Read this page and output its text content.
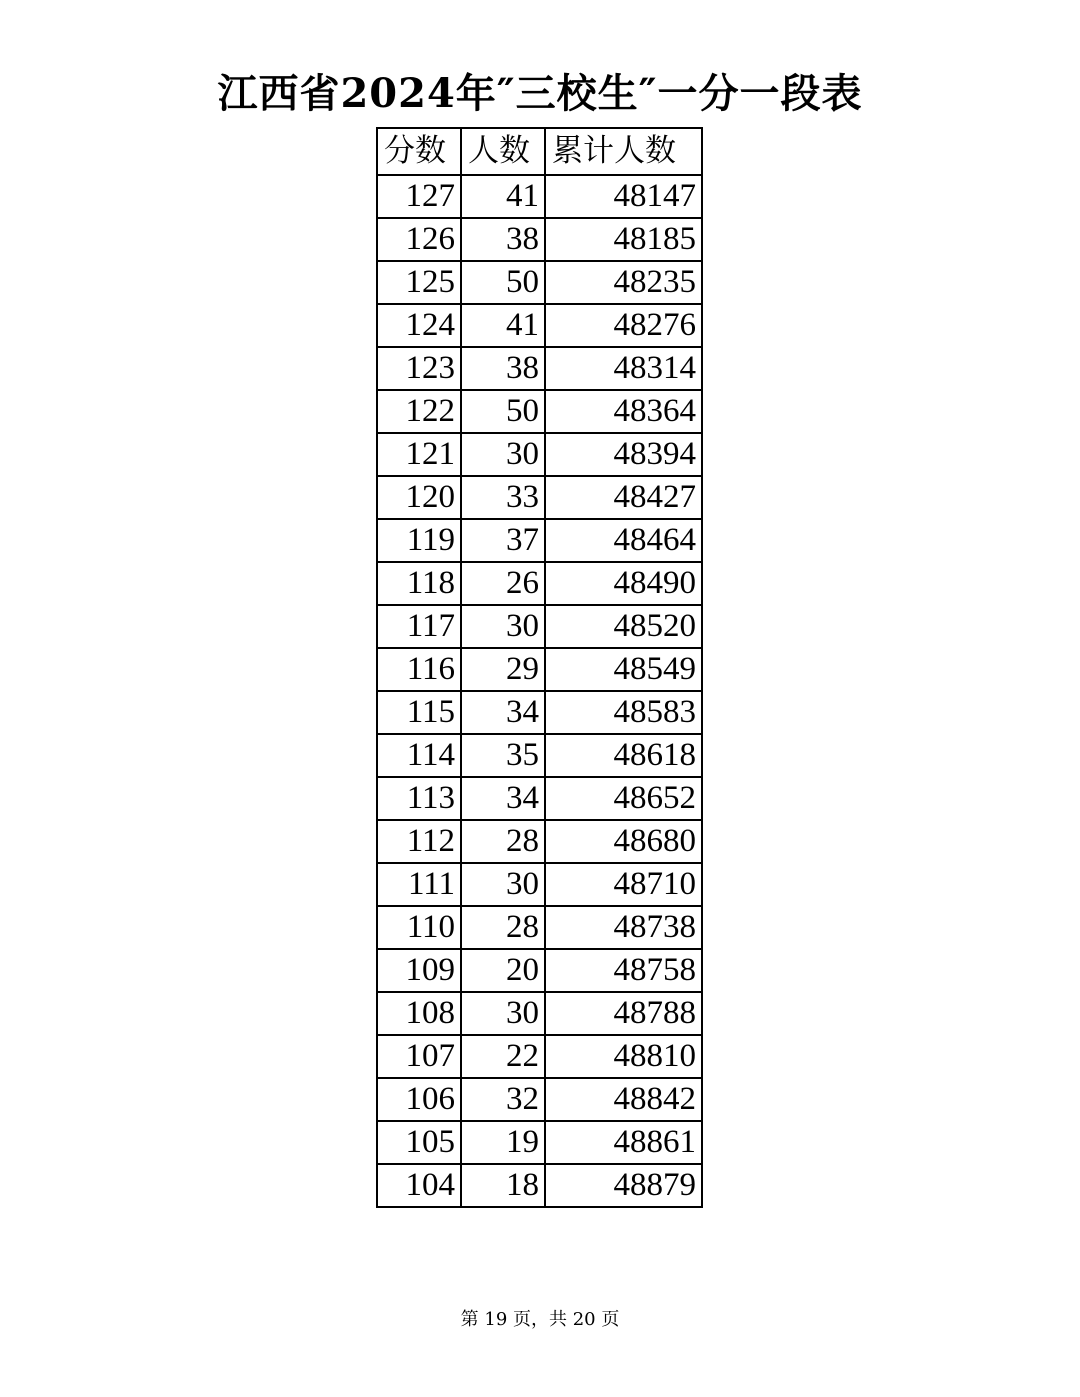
江西省2024年″三校生″一分一段表
分数	人数	累计人数
127	41	48147
126	38	48185
125	50	48235
124	41	48276
123	38	48314
122	50	48364
121	30	48394
120	33	48427
119	37	48464
118	26	48490
117	30	48520
116	29	48549
115	34	48583
114	35	48618
113	34	48652
112	28	48680
111	30	48710
110	28	48738
109	20	48758
108	30	48788
107	22	48810
106	32	48842
105	19	48861
104	18	48879
第 19 页，共 20 页
